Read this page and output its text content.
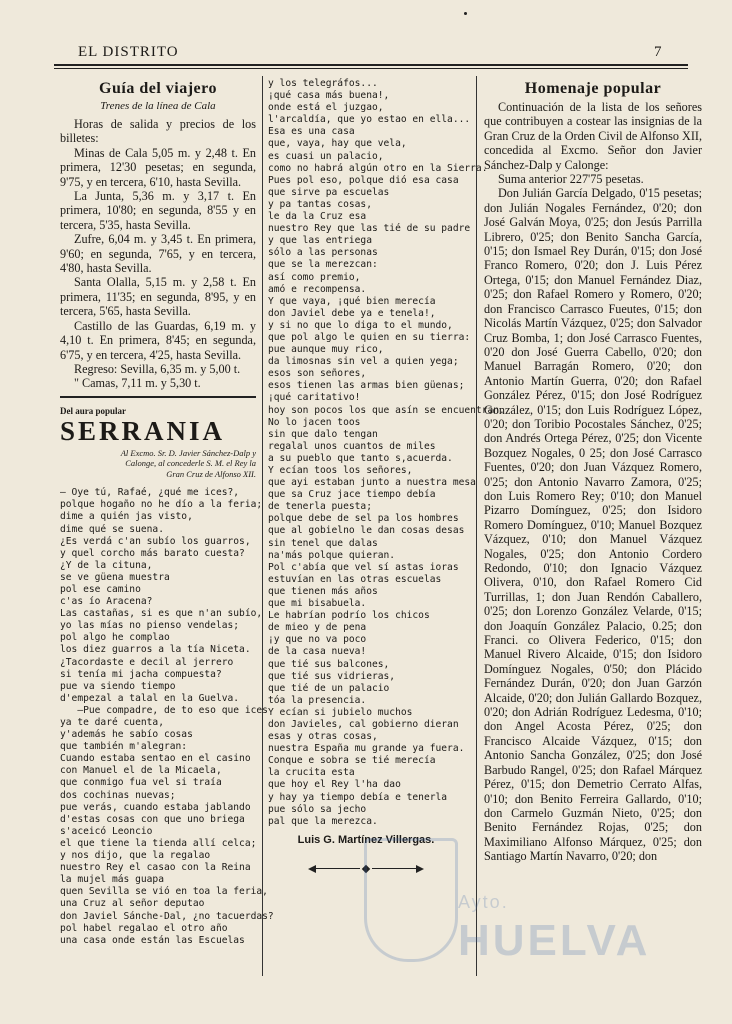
EL DISTRITO	7
Guía del viajero
Trenes de la línea de Cala

Horas de salida y precios de los billetes:

Minas de Cala 5,05 m. y 2,48 t. En primera, 12'30 pesetas; en segunda, 9'75, y en tercera, 6'10, hasta Sevilla.

La Junta, 5,36 m. y 3,17 t. En primera, 10'80; en segunda, 8'55 y en tercera, 5'35, hasta Sevilla.

Zufre, 6,04 m. y 3,45 t. En primera, 9'60; en segunda, 7'65, y en tercera, 4'80, hasta Sevilla.

Santa Olalla, 5,15 m. y 2,58 t. En primera, 11'35; en segunda, 8'95, y en tercera, 5'65, hasta Sevilla.

Castillo de las Guardas, 6,19 m. y 4,10 t. En primera, 8'45; en segunda, 6'75, y en tercera, 4'25, hasta Sevilla.

Regreso: Sevilla, 6,35 m. y 5,00 t.

" Camas, 7,11 m. y 5,30 t.

Del aura popular
SERRANIA
Al Excmo. Sr. D. Javier Sánchez-Dalp y Calonge, al concederle S. M. el Rey la Gran Cruz de Alfonso XII.
– Oye tú, Rafaé, ¿qué me ices?,
polque hogaño no he dío a la feria;
dime a quién jas visto,
dime qué se suena.
¿Es verdá c'an subío los guarros,
y quel corcho más barato cuesta?
¿Y de la cituna,
se ve güena muestra
pol ese camino
c'as ío Aracena?
Las castañas, si es que n'an subío,
yo las mías no pienso vendelas;
pol algo he complao
los diez guarros a la tía Niceta.
¿Tacordaste e decil al jerrero
si tenía mi jacha compuesta?
pue va siendo tiempo
d'empezal a talal en la Guelva.
—Pue compadre, de to eso que ices
ya te daré cuenta,
y'además he sabío cosas
que también m'alegran:
Cuando estaba sentao en el casino
con Manuel el de la Micaela,
que conmigo fua vel si traía
dos cochinas nuevas;
pue verás, cuando estaba jablando
d'estas cosas con que uno briega
s'aceicó Leoncio
el que tiene la tienda allí celca;
y nos dijo, que la regalao
nuestro Rey el casao con la Reina
la mujel más guapa
quen Sevilla se vió en toa la feria,
una Cruz al señor deputao
don Javiel Sánche-Dal, ¿no tacuerdas?
pol habel regalao el otro año
una casa onde están las Escuelas
y los telegráfos...
¡qué casa más buena!,
onde está el juzgao,
l'arcaldía, que yo estao en ella...
Esa es una casa
que, vaya, hay que vela,
es cuasi un palacio,
como no habrá algún otro en la Sierra.
Pues pol eso, polque dió esa casa
que sirve pa escuelas
y pa tantas cosas,
le da la Cruz esa
nuestro Rey que las tié de su padre
y que las entriega
sólo a las personas
que se la merezcan:
así como premio,
amó e recompensa.
Y que vaya, ¡qué bien merecía
don Javiel debe ya e tenela!,
y si no que lo diga to el mundo,
que pol algo le quien en su tierra:
pue aunque muy rico,
da limosnas sin vel a quien yega;
esos son señores,
esos tienen las armas bien güenas;
¡qué caritativo!
hoy son pocos los que asín se encuentran.
No lo jacen toos
sin que dalo tengan
regalal unos cuantos de miles
a su pueblo que tanto s,acuerda.
Y ecían toos los señores,
que ayi estaban junto a nuestra mesa
que sa Cruz jace tiempo debía
de tenerla puesta;
polque debe de sel pa los hombres
que al gobielno le dan cosas desas
sin tenel que dalas
na'más polque quieran.
Pol c'abía que vel sí astas ioras
estuvían en las otras escuelas
que tienen más años
que mi bisabuela.
Le habrían podrío los chicos
de mieo y de pena
¡y que no va poco
de la casa nueva!
que tié sus balcones,
que tié sus vidrieras,
que tié de un palacio
tóa la presencia.
Y ecían si jubielo muchos
don Javieles, cal gobierno dieran
esas y otras cosas,
nuestra España mu grande ya fuera.
Conque e sobra se tié merecía
la crucita esta
que hoy el Rey l'ha dao
y hay ya tiempo debía e tenerla
pue sólo sa jecho
pal que la merezca.
Luis G. Martínez Villergas.
Homenaje popular

Continuación de la lista de los señores que contribuyen a costear las insignias de la Gran Cruz de la Orden Civil de Alfonso XII, concedida al Excmo. Señor don Javier Sánchez-Dalp y Calonge:

Suma anterior 227'75 pesetas.

Don Julián García Delgado, 0'15 pesetas; don Julián Nogales Fernández, 0'20; don José Galván Moya, 0'25; don Jesús Parrilla Librero, 0'25; don Benito Sancha García, 0'15; don Ismael Rey Durán, 0'15; don José Franco Romero, 0'20; don J. Luis Pérez Ortega, 0'15; don Manuel Fernández Diaz, 0'25; don Rafael Romero y Romero, 0'20; don Francisco Carrasco Fueutes, 0'15; don Nicolás Martín Vázquez, 0'25; don Salvador Cruz Bomba, 1; don José Carrasco Fuentes, 0'20 don José Guerra Cabello, 0'20; don Manuel Barragán Romero, 0'20; don Antonio Martín Guerra, 0'20; don Rafael González Pérez, 0'15; don José Rodríguez González, 0'15; don Luis Rodríguez López, 0'20; don Toribio Pocostales Sánchez, 0'25; don Andrés Ortega Pérez, 0'25; don Vicente Bozquez Nogales, 0 25; don José Carrasco Fuentes, 0'20; don Juan Vázquez Romero, 0'25; don Antonio Navarro Zamora, 0'25; don Luis Romero Rey; 0'10; don Manuel Pizarro Domínguez, 0'25; don Isidoro Romero Domínguez, 0'10; Manuel Bozquez Vázquez, 0'10; don Manuel Vázquez Nogales, 0'25; don Antonio Cordero Redondo, 0'10; don Ignacio Vázquez Olivera, 0'10, don Rafael Romero Cid Turrillas, 1; don Juan Rendón Caballero, 0'25; don Lorenzo González Velarde, 0'15; don Joaquín González Palacio, 0.25; don Franci. co Olivera Federico, 0'15; don Manuel Rivero Alcaide, 0'15; don Isidoro Domínguez Nogales, 0'50; don Plácido Fernández Durán, 0'20; don Juan Garzón Alcaide, 0'20; don Julián Gallardo Bozquez, 0'20; don Adrián Rodríguez Ledesma, 0'10; don Angel Acosta Pérez, 0'25; don Francisco Alcaide Vázquez, 0'15; don Antonio Sancha González, 0'25; don José Barbudo Rangel, 0'25; don Rafael Márquez Pérez, 0'15; don Demetrio Cerrato Alfas, 0'10; don Benito Ferreira Gallardo, 0'10; don Carmelo Guzmán Nieto, 0'25; don Benito Fernández Rojas, 0'25; don Maximiliano Alfonso Márquez, 0'25; don Santiago Martín Navarro, 0'20; don

Ayto.
HUELVA
